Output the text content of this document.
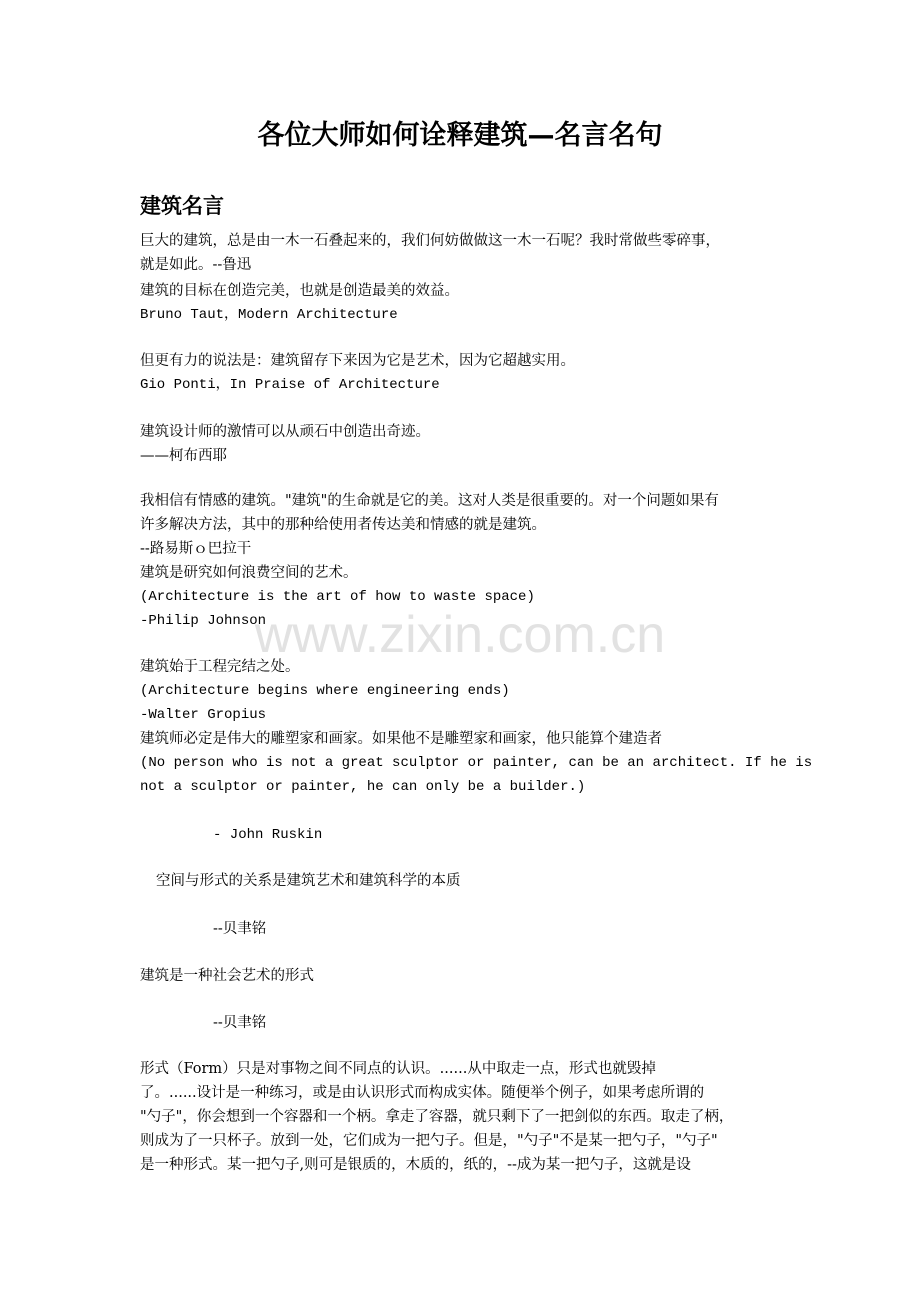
各位大师如何诠释建筑—名言名句
建筑名言

巨大的建筑，总是由一木一石叠起来的，我们何妨做做这一木一石呢？我时常做些零碎事，

就是如此。--鲁迅

建筑的目标在创造完美，也就是创造最美的效益。

Bruno Taut，Modern Architecture

但更有力的说法是：建筑留存下来因为它是艺术，因为它超越实用。

Gio Ponti，In Praise of Architecture

建筑设计师的激情可以从顽石中创造出奇迹。

——柯布西耶

我相信有情感的建筑。"建筑"的生命就是它的美。这对人类是很重要的。对一个问题如果有

许多解决方法，其中的那种给使用者传达美和情感的就是建筑。

--路易斯ｏ巴拉干

建筑是研究如何浪费空间的艺术。

(Architecture is the art of how to waste space)

-Philip Johnson

建筑始于工程完结之处。

(Architecture begins where engineering ends)

-Walter Gropius

建筑师必定是伟大的雕塑家和画家。如果他不是雕塑家和画家，他只能算个建造者

(No person who is not a great sculptor or painter, can be an architect. If he is

not a sculptor or painter, he can only be a builder.)

- John Ruskin

空间与形式的关系是建筑艺术和建筑科学的本质

--贝聿铭

建筑是一种社会艺术的形式

--贝聿铭

形式（Form）只是对事物之间不同点的认识。......从中取走一点，形式也就毁掉

了。......设计是一种练习，或是由认识形式而构成实体。随便举个例子，如果考虑所谓的

"勺子"，你会想到一个容器和一个柄。拿走了容器，就只剩下了一把剑似的东西。取走了柄，

则成为了一只杯子。放到一处，它们成为一把勺子。但是，"勺子"不是某一把勺子，"勺子"

是一种形式。某一把勺子,则可是银质的，木质的，纸的，--成为某一把勺子，这就是设

www.zixin.com.cn
